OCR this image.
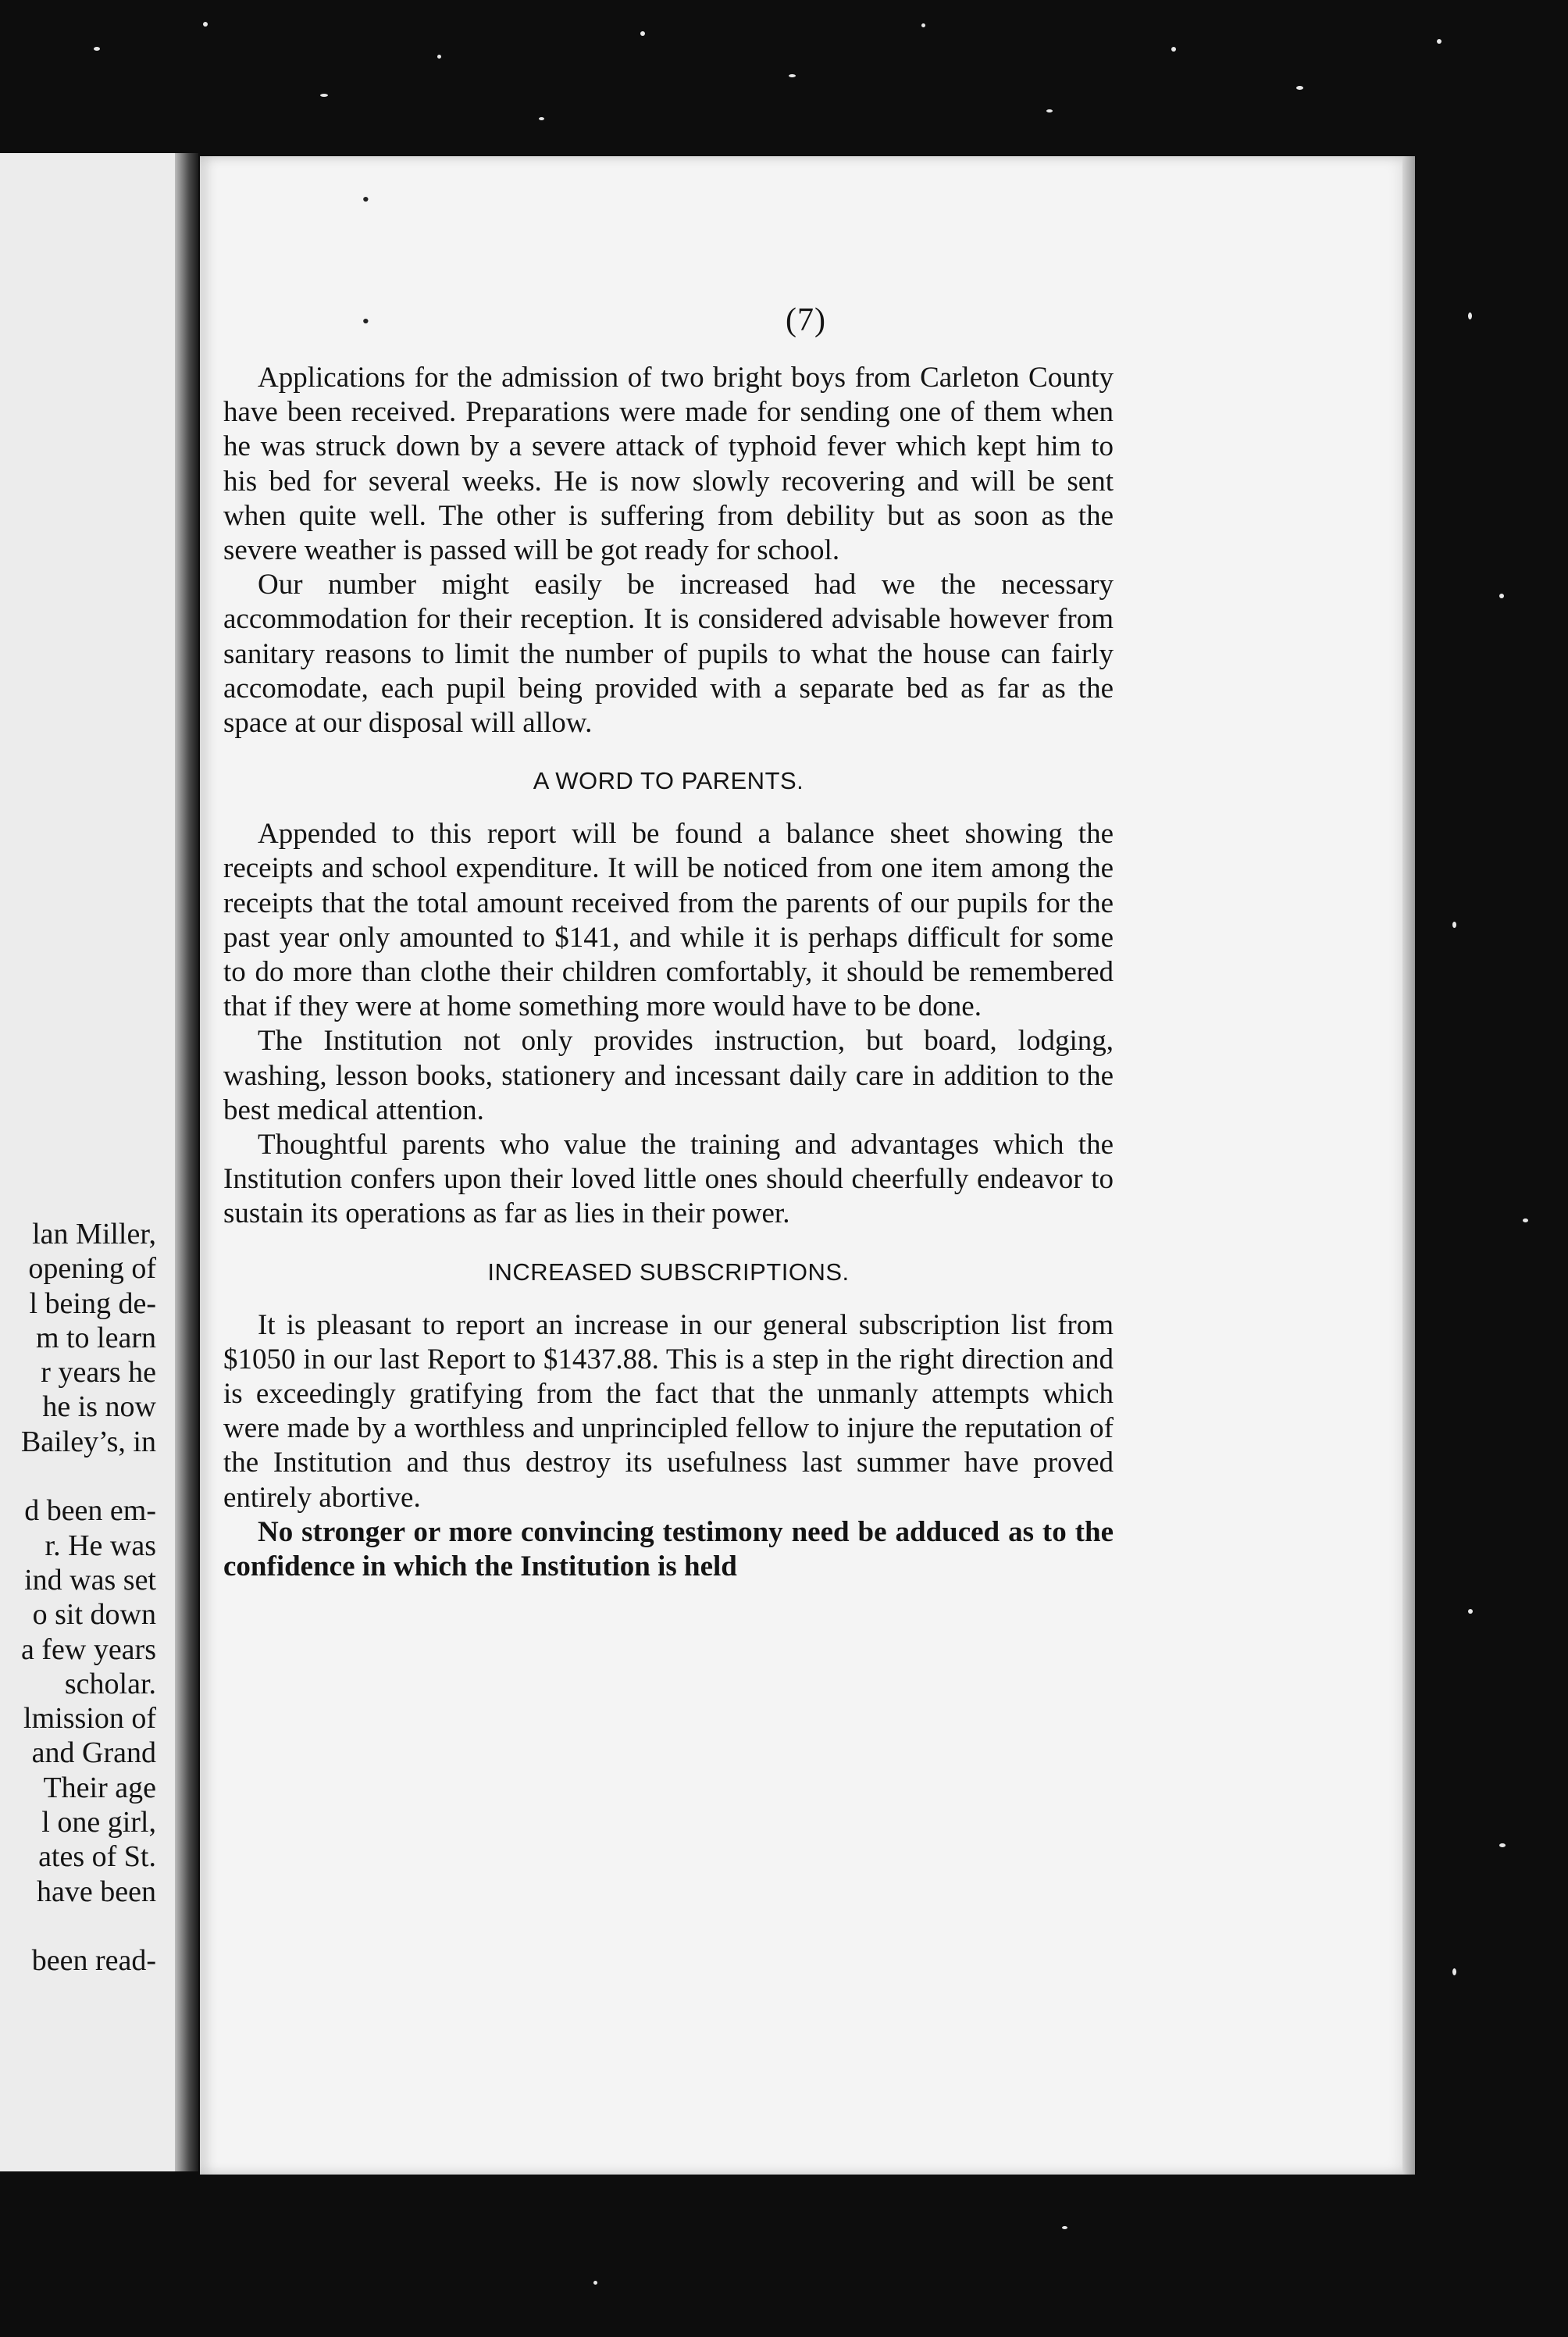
lan Miller,
opening of
l being de-
m to learn
r years he
he is now
Bailey’s, in
d been em-
r. He was
ind was set
o sit down
a few years
scholar.
lmission of
and Grand
Their age
l one girl,
ates of St.
have been
been read-
•
•	(7)

Applications for the admission of two bright boys from Carleton County have been received. Preparations were made for sending one of them when he was struck down by a severe attack of typhoid fever which kept him to his bed for several weeks. He is now slowly recovering and will be sent when quite well. The other is suffering from debility but as soon as the severe weather is passed will be got ready for school.

Our number might easily be increased had we the necessary accommodation for their reception. It is considered advisable however from sanitary reasons to limit the number of pupils to what the house can fairly accomodate, each pupil being provided with a separate bed as far as the space at our disposal will allow.

A WORD TO PARENTS.

Appended to this report will be found a balance sheet showing the receipts and school expenditure. It will be noticed from one item among the receipts that the total amount received from the parents of our pupils for the past year only amounted to $141, and while it is perhaps difficult for some to do more than clothe their children comfortably, it should be remembered that if they were at home something more would have to be done.

The Institution not only provides instruction, but board, lodging, washing, lesson books, stationery and incessant daily care in addition to the best medical attention.

Thoughtful parents who value the training and advantages which the Institution confers upon their loved little ones should cheerfully endeavor to sustain its operations as far as lies in their power.

INCREASED SUBSCRIPTIONS.

It is pleasant to report an increase in our general subscription list from $1050 in our last Report to $1437.88. This is a step in the right direction and is exceedingly gratifying from the fact that the unmanly attempts which were made by a worthless and unprincipled fellow to injure the reputation of the Institution and thus destroy its usefulness last summer have proved entirely abortive.

No stronger or more convincing testimony need be adduced as to the confidence in which the Institution is held
